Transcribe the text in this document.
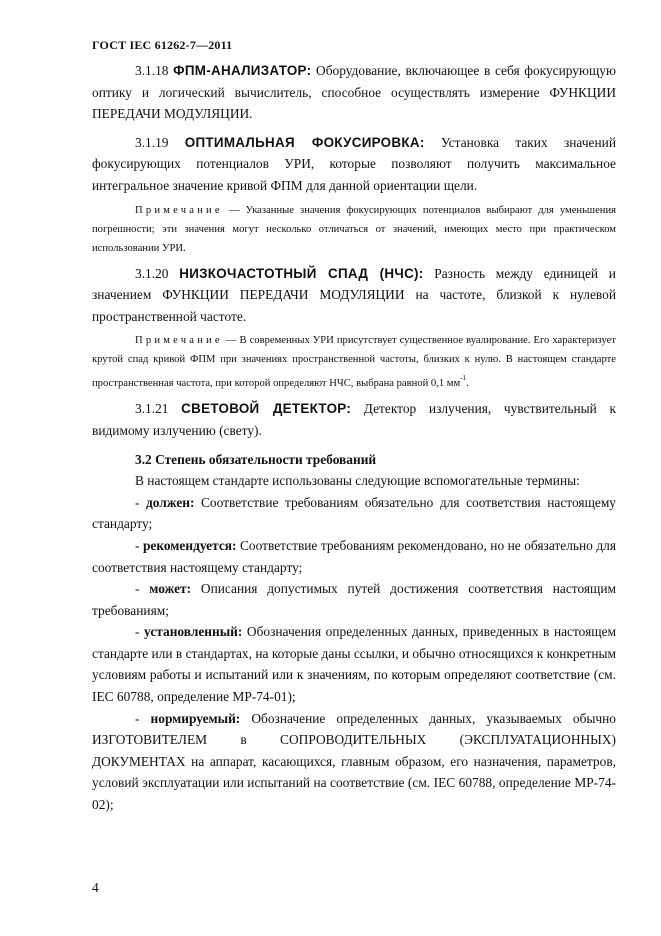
ГОСТ IEC 61262-7—2011

3.1.18 ФПМ-АНАЛИЗАТОР: Оборудование, включающее в себя фокусирующую оптику и логический вычислитель, способное осуществлять измерение ФУНКЦИИ ПЕРЕДАЧИ МОДУЛЯЦИИ.

3.1.19 ОПТИМАЛЬНАЯ ФОКУСИРОВКА: Установка таких значений фокусирующих потенциалов УРИ, которые позволяют получить максимальное интегральное значение кривой ФПМ для данной ориентации щели.

Примечание — Указанные значения фокусирующих потенциалов выбирают для уменьшения погрешности; эти значения могут несколько отличаться от значений, имеющих место при практическом использовании УРИ.

3.1.20 НИЗКОЧАСТОТНЫЙ СПАД (НЧС): Разность между единицей и значением ФУНКЦИИ ПЕРЕДАЧИ МОДУЛЯЦИИ на частоте, близкой к нулевой пространственной частоте.

Примечание — В современных УРИ присутствует существенное вуалирование. Его характеризует крутой спад кривой ФПМ при значениях пространственной частоты, близких к нулю. В настоящем стандарте пространственная частота, при которой определяют НЧС, выбрана равной 0,1 $мм^{-1}$.

3.1.21 СВЕТОВОЙ ДЕТЕКТОР: Детектор излучения, чувствительный к видимому излучению (свету).

3.2 Степень обязательности требований

В настоящем стандарте использованы следующие вспомогательные термины:

- должен: Соответствие требованиям обязательно для соответствия настоящему стандарту;

- рекомендуется: Соответствие требованиям рекомендовано, но не обязательно для соответствия настоящему стандарту;

- может: Описания допустимых путей достижения соответствия настоящим требованиям;

- установленный: Обозначения определенных данных, приведенных в настоящем стандарте или в стандартах, на которые даны ссылки, и обычно относящихся к конкретным условиям работы и испытаний или к значениям, по которым определяют соответствие (см. IEC 60788, определение МР-74-01);

- нормируемый: Обозначение определенных данных, указываемых обычно ИЗГОТОВИТЕЛЕМ в СОПРОВОДИТЕЛЬНЫХ (ЭКСПЛУАТАЦИОННЫХ) ДОКУМЕНТАХ на аппарат, касающихся, главным образом, его назначения, параметров, условий эксплуатации или испытаний на соответствие (см. IEC 60788, определение МР-74-02);

4
